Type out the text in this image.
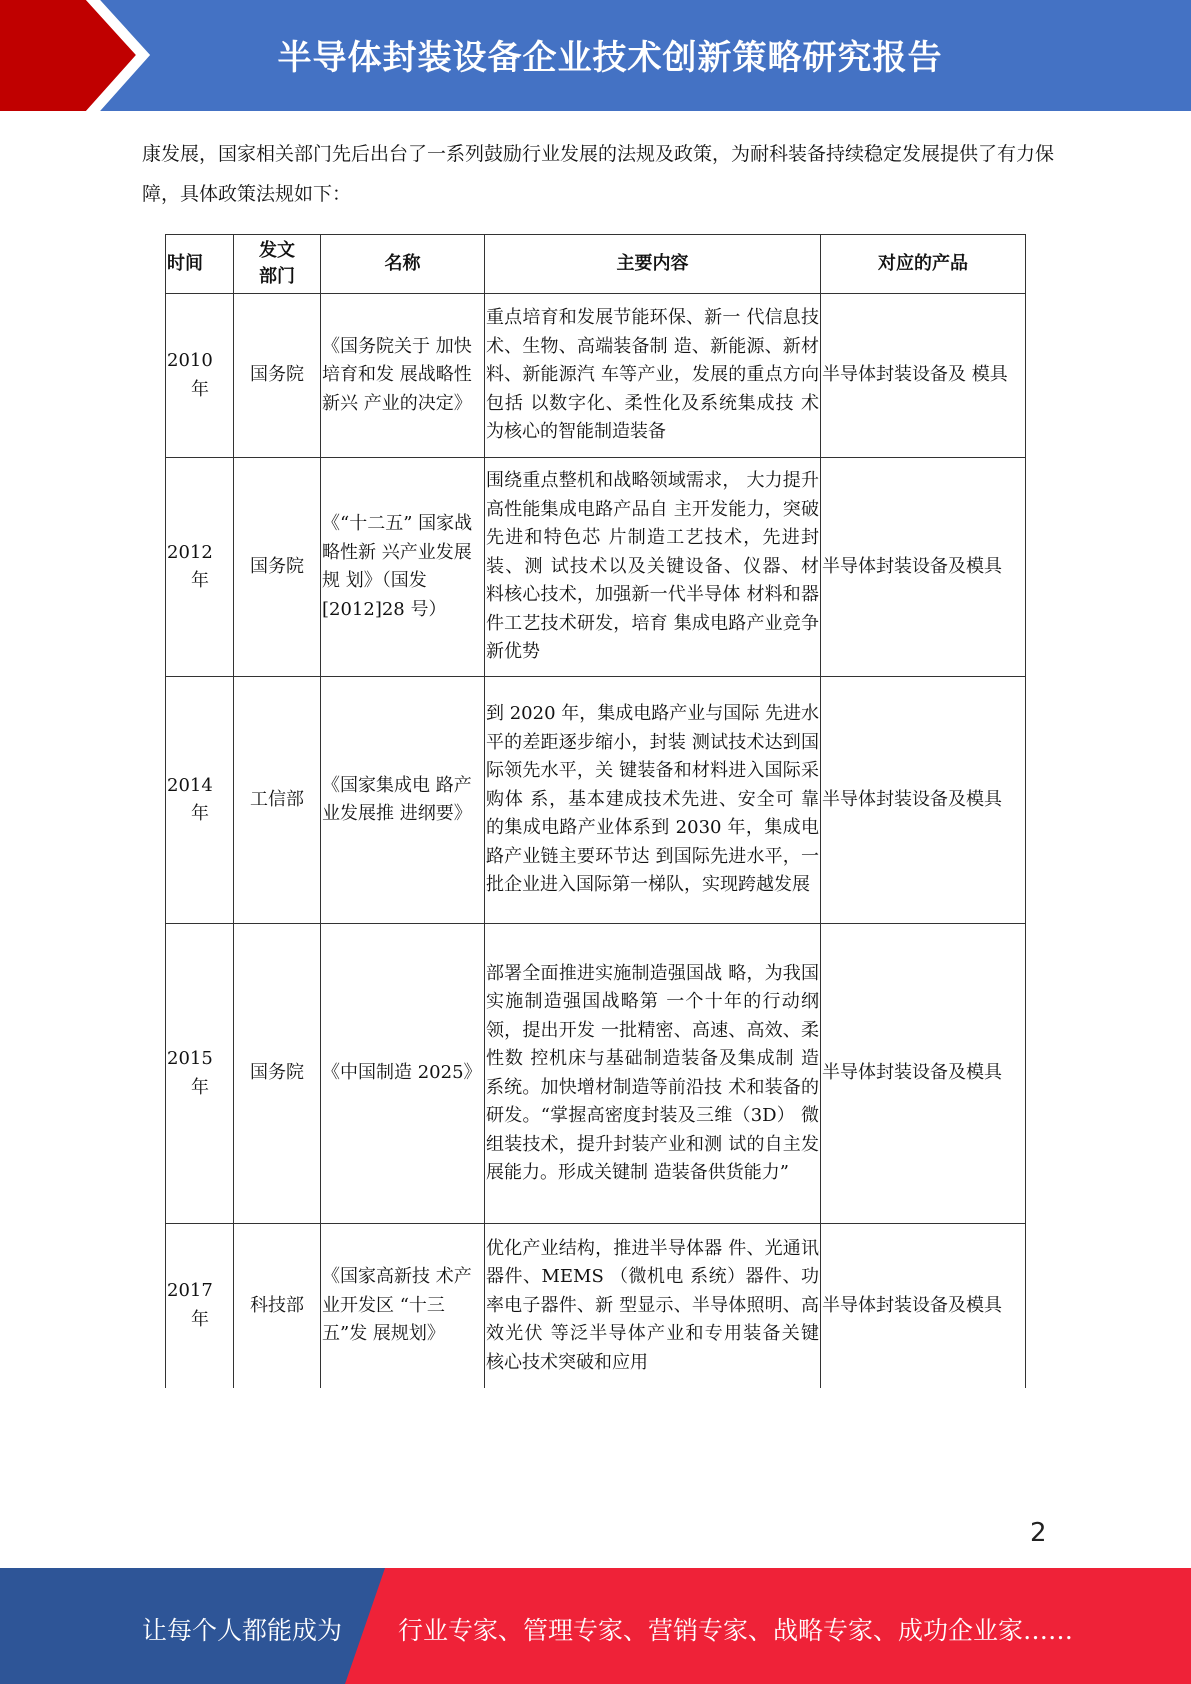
半导体封装设备企业技术创新策略研究报告

康发展，国家相关部门先后出台了一系列鼓励行业发展的法规及政策，为耐科装备持续稳定发展提供了有力保障，具体政策法规如下：

时间	发文部门	名称	主要内容	对应的产品

2010
年	国务院	《国务院关于 加快培育和发 展战略性新兴 产业的决定》	重点培育和发展节能环保、新一 代信息技术、生物、高端装备制 造、新能源、新材料、新能源汽 车等产业，发展的重点方向包括 以数字化、柔性化及系统集成技 术为核心的智能制造装备	半导体封装设备及 模具

2012
年	国务院	《“十二五” 国家战略性新 兴产业发展规 划》（国发 [2012]28 号）	围绕重点整机和战略领域需求， 大力提升高性能集成电路产品自 主开发能力，突破先进和特色芯 片制造工艺技术，先进封装、测 试技术以及关键设备、仪器、材 料核心技术，加强新一代半导体 材料和器件工艺技术研发，培育 集成电路产业竞争新优势	半导体封装设备及模具

2014
年	工信部	《国家集成电 路产业发展推 进纲要》	到 2020 年，集成电路产业与国际 先进水平的差距逐步缩小，封装 测试技术达到国际领先水平，关 键装备和材料进入国际采购体 系，基本建成技术先进、安全可 靠的集成电路产业体系到 2030 年，集成电路产业链主要环节达 到国际先进水平，一批企业进入国际第一梯队，实现跨越发展	半导体封装设备及模具

2015
年	国务院	《中国制造 2025》	部署全面推进实施制造强国战 略，为我国实施制造强国战略第 一个十年的行动纲领，提出开发 一批精密、高速、高效、柔性数 控机床与基础制造装备及集成制 造系统。加快增材制造等前沿技 术和装备的研发。“掌握高密度封装及三维（3D） 微组装技术，提升封装产业和测 试的自主发展能力。形成关键制 造装备供货能力”	半导体封装设备及模具

2017
年	科技部	《国家高新技 术产业开发区 “十三五”发 展规划》	优化产业结构，推进半导体器 件、光通讯器件、MEMS （微机电 系统）器件、功率电子器件、新 型显示、半导体照明、高效光伏 等泛半导体产业和专用装备关键 核心技术突破和应用	半导体封装设备及模具
2
让每个人都能成为 行业专家、管理专家、营销专家、战略专家、成功企业家……
